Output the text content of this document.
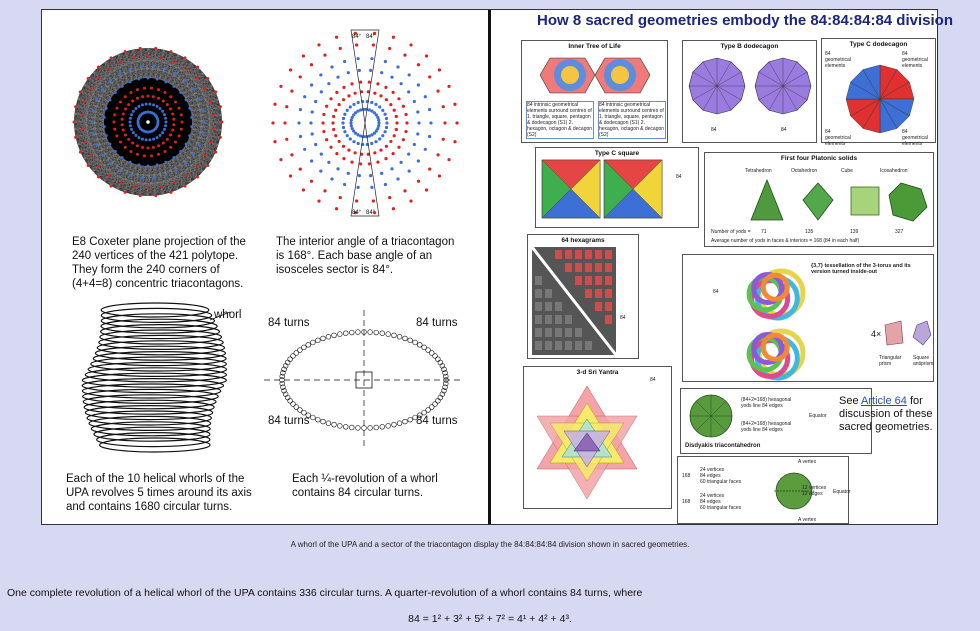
84° 84°
84° 84°
E8 Coxeter plane projection of the
240 vertices of the 421 polytope.
They form the 240 corners of
(4+4=8) concentric triacontagons.
The interior angle of a triacontagon
is 168°. Each base angle of an
isosceles sector is 84°.
whorl
84 turns	84 turns
84 turns	84 turns
Each of the 10 helical whorls of the
UPA revolves 5 times around its axis
and contains 1680 circular turns.
Each ¼-revolution of a whorl
contains 84 circular turns.
How 8 sacred geometries embody the 84:84:84:84 division
Inner Tree of Life
84 intrinsic geometrical elements surround centres of 1. triangle, square, pentagon & dodecagon (S1) 2. hexagon, octagon & decagon (S2)
84 intrinsic geometrical elements surround centres of 1. triangle, square, pentagon & dodecagon (S1) 2. hexagon, octagon & decagon (S2)
Type B dodecagon
84	84
Type C dodecagon
84 geometrical elements
84 geometrical elements
84 geometrical elements
84 geometrical elements
Type C square
84
First four Platonic solids
Tetrahedron	Octahedron	Cube	Icosahedron
Number of yods = 71	135	139	327
Average number of yods in faces & interiors = 168 (84 in each half)
64 hexagrams
84
{3,7} tessellation of the 3-torus and its version turned inside-out
84
4×
Triangular prism
Square antiprism
3-d Sri Yantra
84
(84+2=168) hexagonal yods line 84 edges
Equator
(84+2=168) hexagonal yods line 84 edges
Disdyakis triacontahedron
See Article 64 for
discussion of these
sacred geometries.
A vertex
168
24 vertices
84 edges
60 triangular faces
12 vertices
12 edges Equator
168
24 vertices
84 edges
60 triangular faces
A vertex
A whorl of the UPA and a sector of the triacontagon display the 84:84:84:84 division shown in sacred geometries.
One complete revolution of a helical whorl of the UPA contains 336 circular turns. A quarter-revolution of a whorl contains 84 turns, where
84 = 1² + 3² + 5² + 7² = 4¹ + 4² + 4³.
